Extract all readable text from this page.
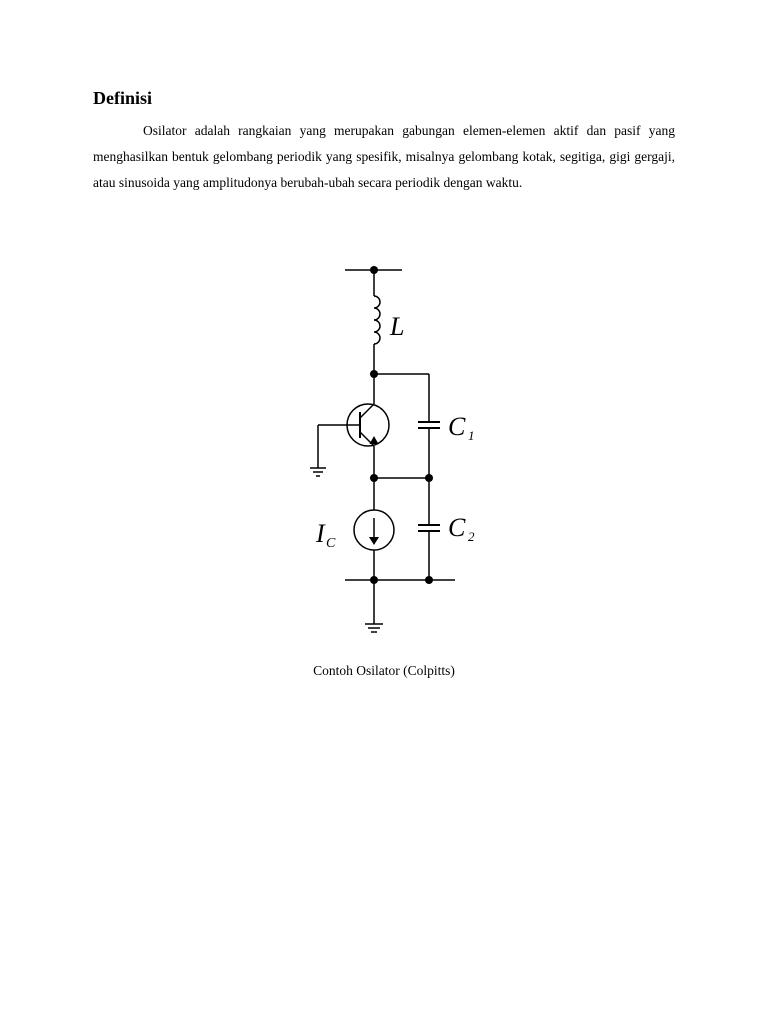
Definisi

Osilator adalah rangkaian yang merupakan gabungan elemen-elemen aktif dan pasif yang menghasilkan bentuk gelombang periodik yang spesifik, misalnya gelombang kotak, segitiga, gigi gergaji, atau sinusoida yang amplitudonya berubah-ubah secara periodik dengan waktu.

L
C 1
C 2
I C

Contoh Osilator (Colpitts)
